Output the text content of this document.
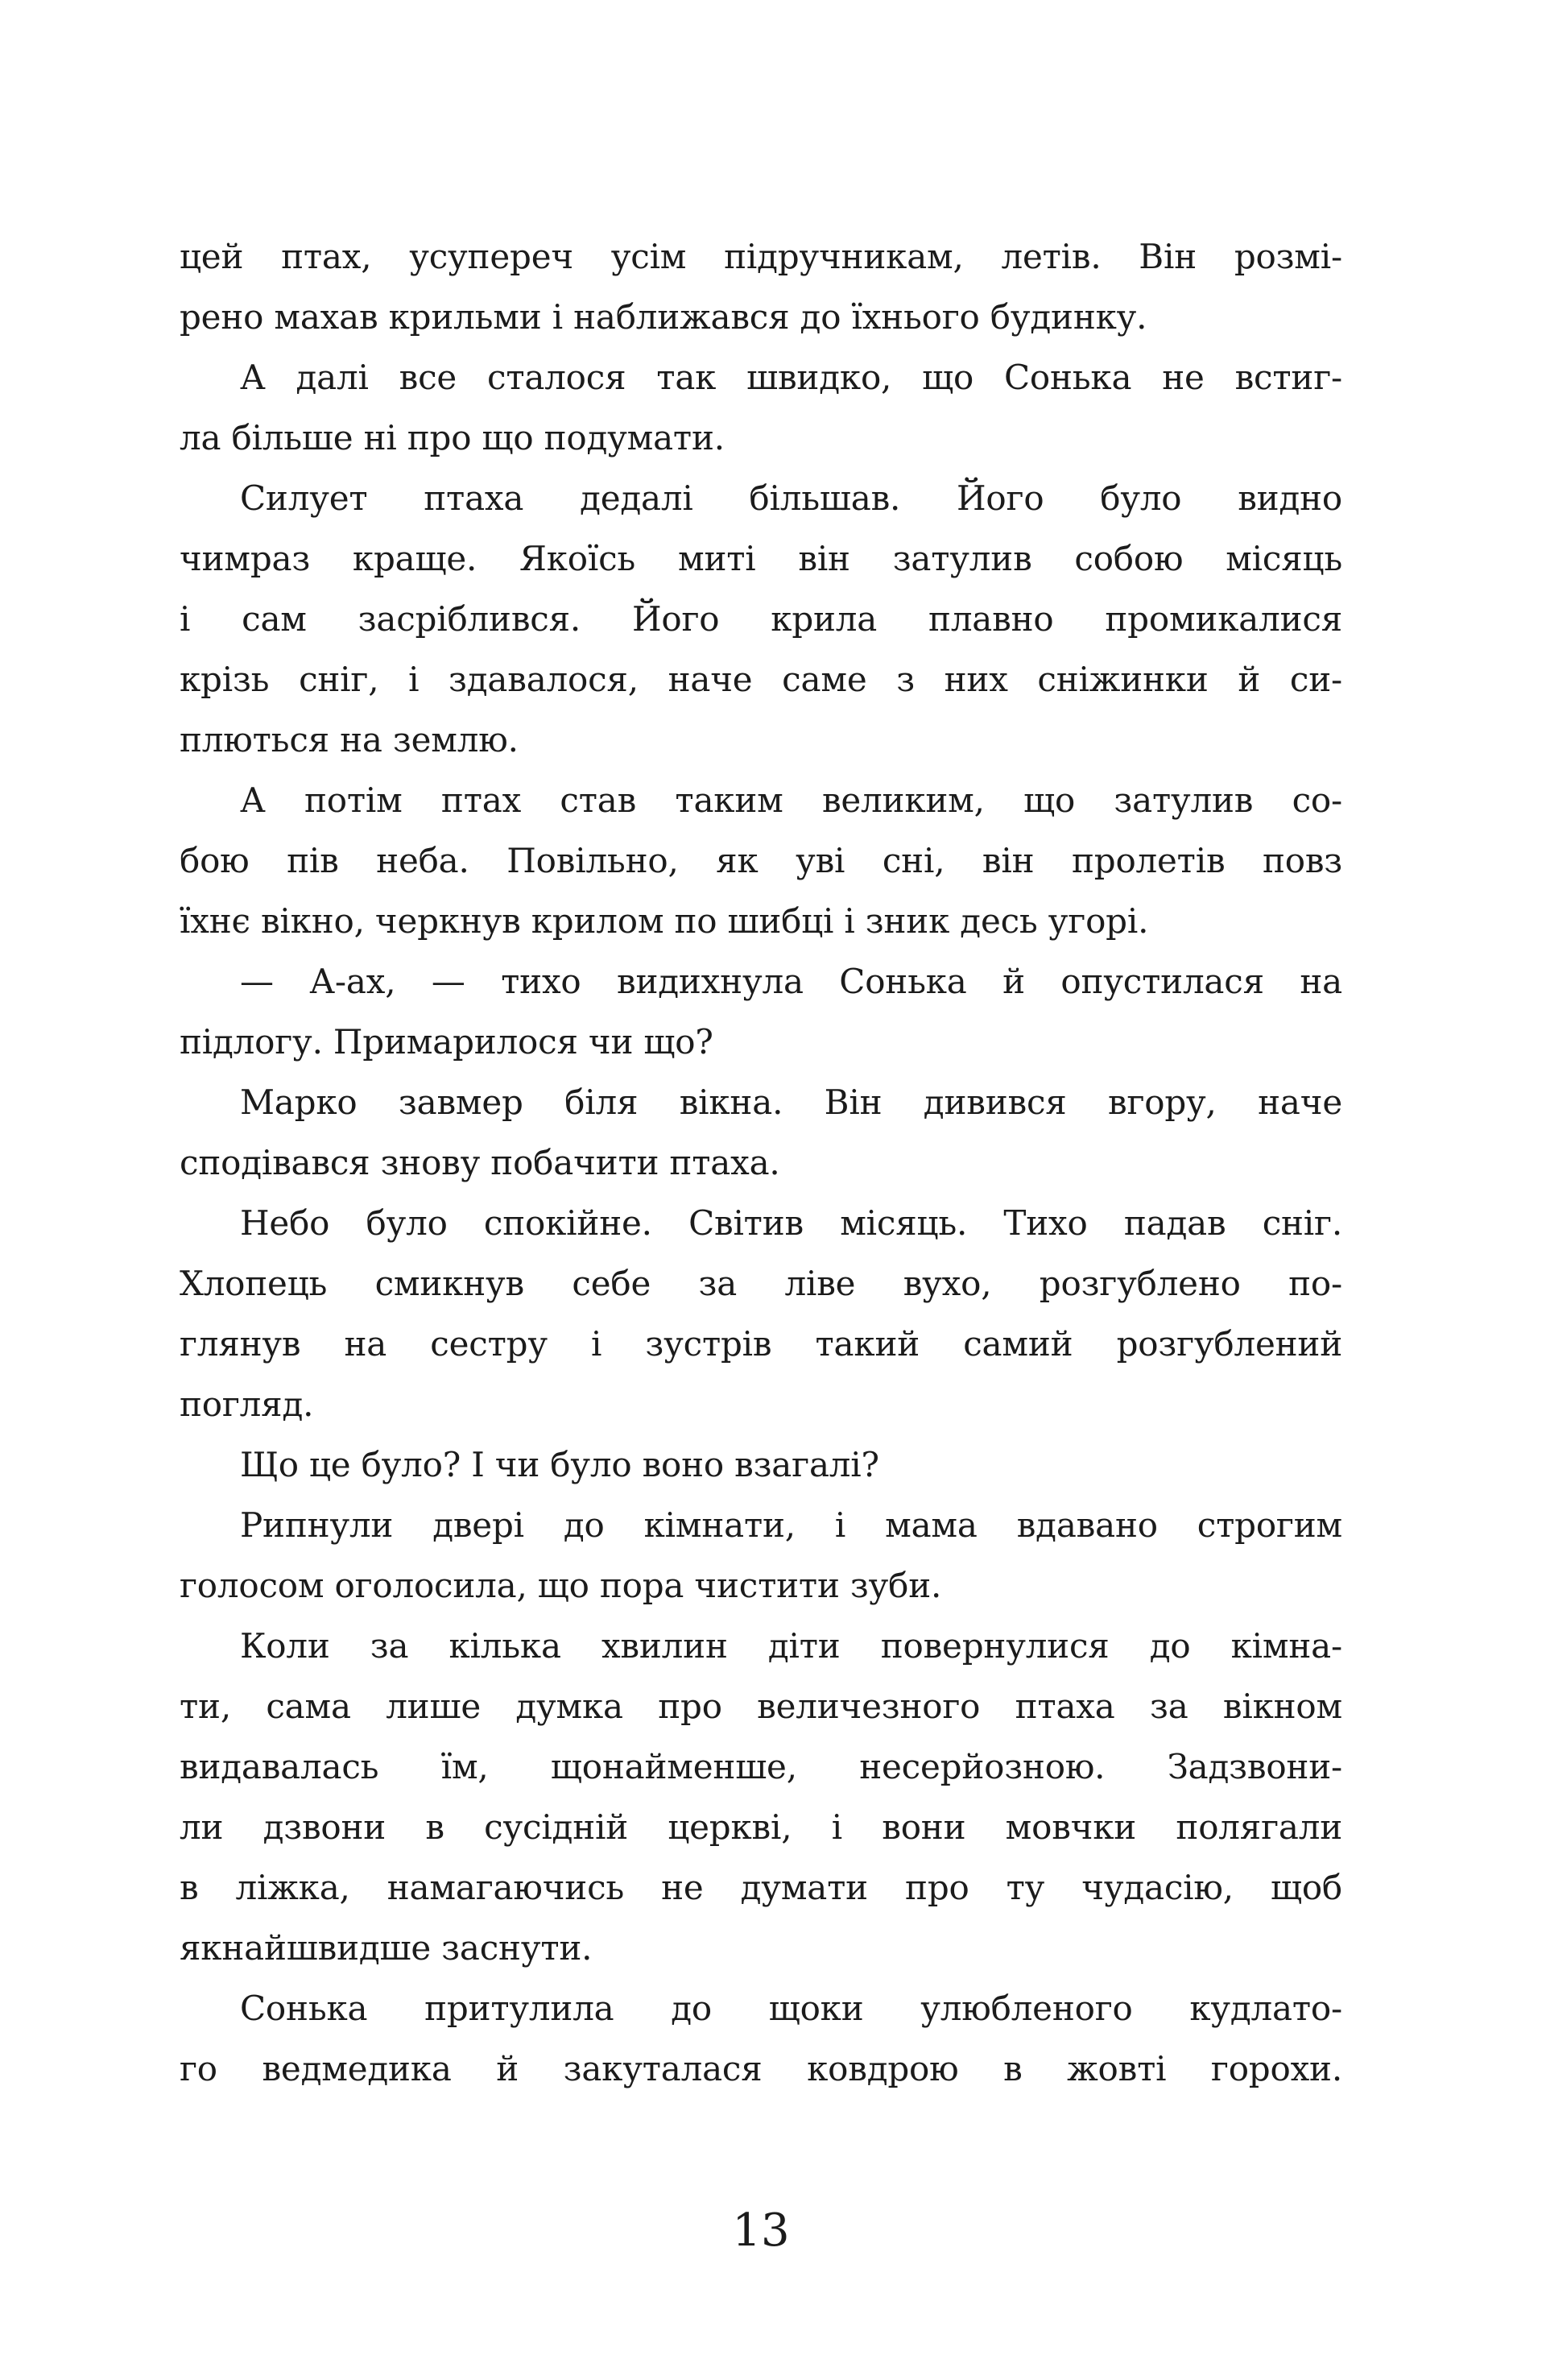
цей птах, усупереч усім підручникам, летів. Він розмі-
рено махав крильми і наближався до їхнього будинку.
А далі все сталося так швидко, що Сонька не встиг-
ла більше ні про що подумати.
Силует птаха дедалі більшав. Його було видно
чимраз краще. Якоїсь миті він затулив собою місяць
і сам засріблився. Його крила плавно промикалися
крізь сніг, і здавалося, наче саме з них сніжинки й си-
плються на землю.
А потім птах став таким великим, що затулив со-
бою пів неба. Повільно, як уві сні, він пролетів повз
їхнє вікно, черкнув крилом по шибці і зник десь угорі.
— А-ах, — тихо видихнула Сонька й опустилася на
підлогу. Примарилося чи що?
Марко завмер біля вікна. Він дивився вгору, наче
сподівався знову побачити птаха.
Небо було спокійне. Світив місяць. Тихо падав сніг.
Хлопець смикнув себе за ліве вухо, розгублено по-
глянув на сестру і зустрів такий самий розгублений
погляд.
Що це було? І чи було воно взагалі?
Рипнули двері до кімнати, і мама вдавано строгим
голосом оголосила, що пора чистити зуби.
Коли за кілька хвилин діти повернулися до кімна-
ти, сама лише думка про величезного птаха за вікном
видавалась їм, щонайменше, несерйозною. Задзвони-
ли дзвони в сусідній церкві, і вони мовчки полягали
в ліжка, намагаючись не думати про ту чудасію, щоб
якнайшвидше заснути.
Сонька притулила до щоки улюбленого кудлато-
го ведмедика й закуталася ковдрою в жовті горохи.
13
